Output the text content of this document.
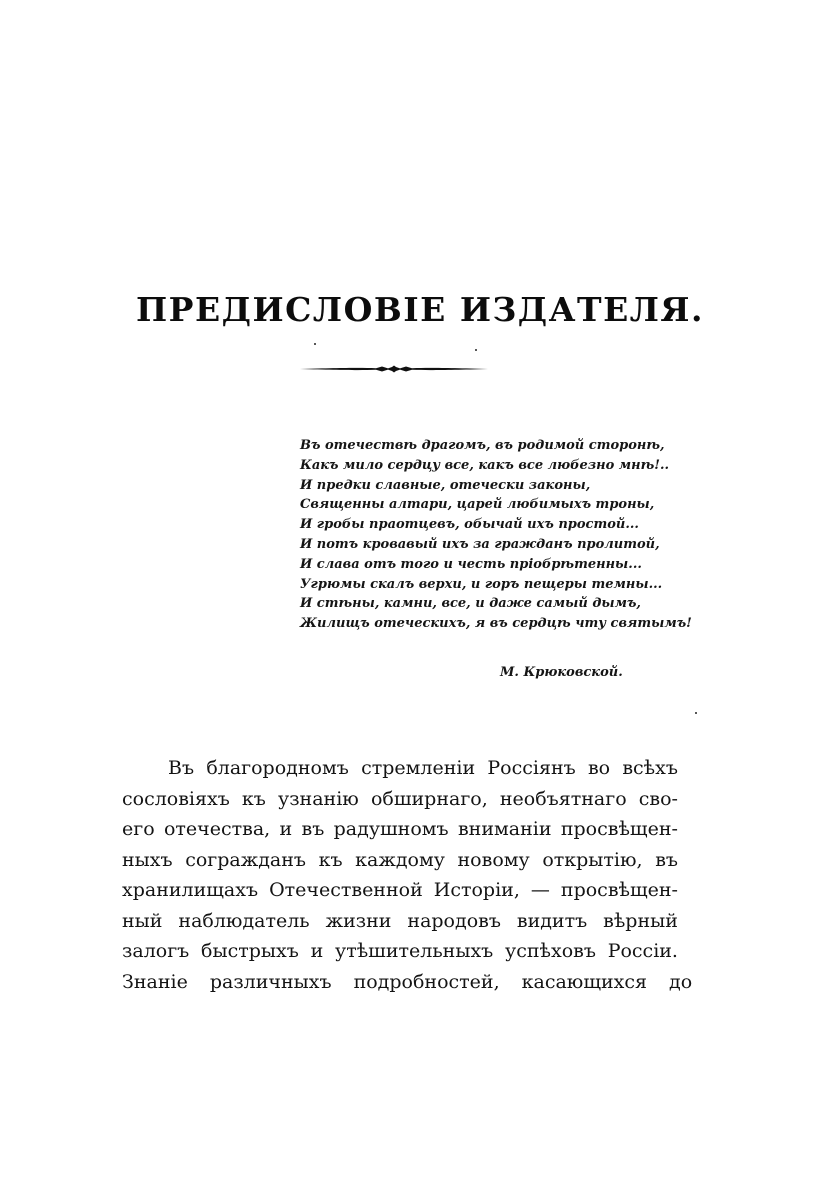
ПРЕДИСЛОВІЕ ИЗДАТЕЛЯ.
Въ отечествѣ драгомъ, въ родимой сторонѣ,
Какъ мило сердцу все, какъ все любезно мнѣ!..
И предки славные, отечески законы,
Священны алтари, царей любимыхъ троны,
И гробы праотцевъ, обычай ихъ простой...
И потъ кровавый ихъ за гражданъ пролитой,
И слава отъ того и честь прiобрѣтенны...
Угрюмы скалъ верхи, и горъ пещеры темны...
И стѣны, камни, все, и даже самый дымъ,
Жилищъ отеческихъ, я въ сердцѣ чту святымъ!
М. Крюковской.
Въ благородномъ стремленіи Россіянъ во всѣхъ
сословіяхъ къ узнанію обширнаго, необъятнаго сво-
его отечества, и въ радушномъ вниманіи просвѣщен-
ныхъ согражданъ къ каждому новому открытію, въ
хранилищахъ Отечественной Исторіи, — просвѣщен-
ный наблюдатель жизни народовъ видитъ вѣрный
залогъ быстрыхъ и утѣшительныхъ успѣховъ Россіи.
Знаніе различныхъ подробностей, касающихся до
